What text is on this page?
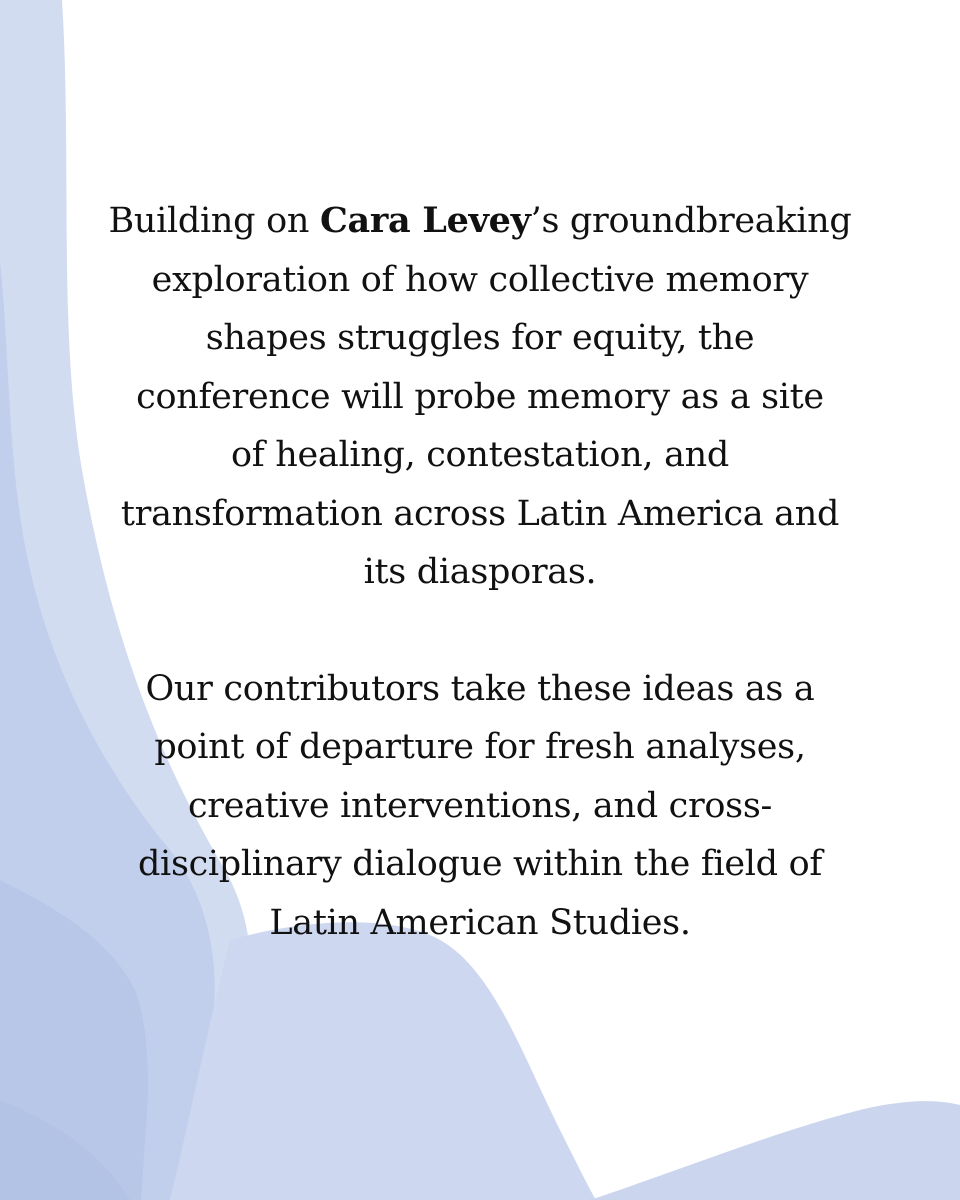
Building on Cara Levey’s groundbreaking
exploration of how collective memory
shapes struggles for equity, the
conference will probe memory as a site
of healing, contestation, and
transformation across Latin America and
its diasporas.

Our contributors take these ideas as a
point of departure for fresh analyses,
creative interventions, and cross-
disciplinary dialogue within the field of
Latin American Studies.
